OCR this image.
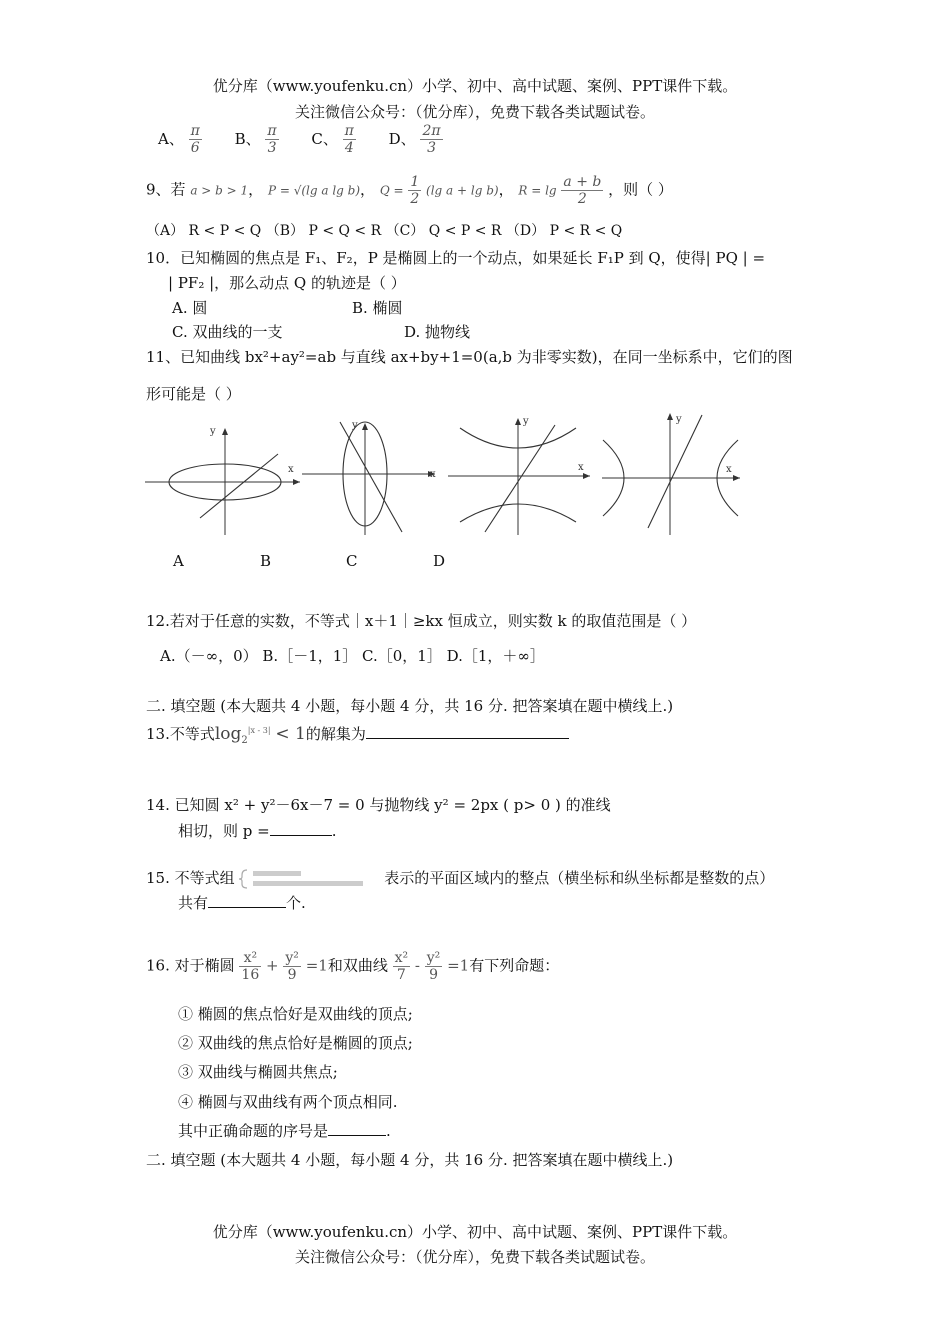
优分库（www.youfenku.cn）小学、初中、高中试题、案例、PPT课件下载。
关注微信公众号：（优分库），免费下载各类试题试卷。
A、 $\frac{\pi}{6}$ B、 $\frac{\pi}{3}$ C、 $\frac{\pi}{4}$ D、 $\frac{2\pi}{3}$
9、若 a > b > 1， P = √(lg a lg b)， $Q = \frac{1}{2} (\lg$ a + lg b)， $R = \lg \frac{a + b}{2}$ ，则（ ）
（A） R < P < Q （B） P < Q < R （C） Q < P < R （D） P < R < Q
10．已知椭圆的焦点是 F₁、F₂，P 是椭圆上的一个动点，如果延长 F₁P 到 Q，使得| PQ | =
| PF₂ |，那么动点 Q 的轨迹是（ ）
A. 圆	B. 椭圆
C. 双曲线的一支	D. 抛物线
11、已知曲线 bx²+ay²=ab 与直线 ax+by+1=0(a,b 为非零实数)，在同一坐标系中，它们的图
形可能是（ ）
y
x
y
x
y
x
y
x
A	B	C	D
12.若对于任意的实数，不等式｜x＋1｜≥kx 恒成立，则实数 k 的取值范围是（ ）
A.（－∞，0） B.［－1，1］ C.［0，1］ D.［1，＋∞］
二. 填空题 (本大题共 4 小题，每小题 4 分，共 16 分. 把答案填在题中横线上.)
13.不等式$\log_2^{|x - 3|} < 1$的解集为
14. 已知圆 x² + y²－6x－7 = 0 与抛物线 y² = 2px ( p> 0 ) 的准线
相切，则 p =	.
15. 不等式组	表示的平面区域内的整点（横坐标和纵坐标都是整数的点）
共有	个.
16. 对于椭圆 $\frac{\text{x²}}{16} + \frac{\text{y²}}{9} =1$和双曲线 $\frac{\text{x²}}{7} - \frac{\text{y²}}{9} =1$有下列命题：
① 椭圆的焦点恰好是双曲线的顶点;
② 双曲线的焦点恰好是椭圆的顶点;
③ 双曲线与椭圆共焦点;
④ 椭圆与双曲线有两个顶点相同.
其中正确命题的序号是	.
二. 填空题 (本大题共 4 小题，每小题 4 分，共 16 分. 把答案填在题中横线上.)
优分库（www.youfenku.cn）小学、初中、高中试题、案例、PPT课件下载。
关注微信公众号：（优分库），免费下载各类试题试卷。
